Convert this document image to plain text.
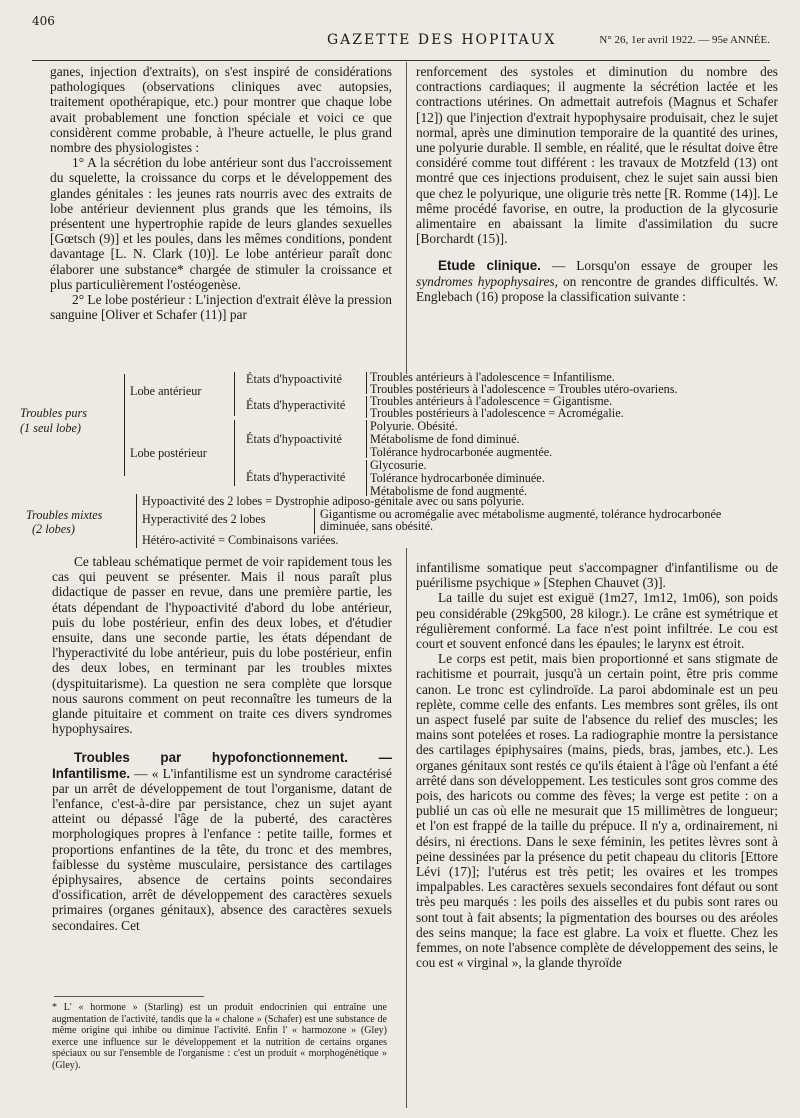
406
GAZETTE DES HOPITAUX	N° 26, 1er avril 1922. — 95e ANNÉE.

ganes, injection d'extraits), on s'est inspiré de considérations pathologiques (observations cliniques avec autopsies, traitement opothérapique, etc.) pour montrer que chaque lobe avait probablement une fonction spéciale et voici ce que considèrent comme probable, à l'heure actuelle, le plus grand nombre des physiologistes :

1° A la sécrétion du lobe antérieur sont dus l'accroissement du squelette, la croissance du corps et le développement des glandes génitales : les jeunes rats nourris avec des extraits de lobe antérieur deviennent plus grands que les témoins, ils présentent une hypertrophie rapide de leurs glandes sexuelles [Gœtsch (9)] et les poules, dans les mêmes conditions, pondent davantage [L. N. Clark (10)]. Le lobe antérieur paraît donc élaborer une substance* chargée de stimuler la croissance et plus particulièrement l'ostéogenèse.

2° Le lobe postérieur : L'injection d'extrait élève la pression sanguine [Oliver et Schafer (11)] par

renforcement des systoles et diminution du nombre des contractions cardiaques; il augmente la sécrétion lactée et les contractions utérines. On admettait autrefois (Magnus et Schafer [12]) que l'injection d'extrait hypophysaire produisait, chez le sujet normal, après une diminution temporaire de la quantité des urines, une polyurie durable. Il semble, en réalité, que le résultat doive être considéré comme tout différent : les travaux de Motzfeld (13) ont montré que ces injections produisent, chez le sujet sain aussi bien que chez le polyurique, une oligurie très nette [R. Romme (14)]. Le même procédé favorise, en outre, la production de la glycosurie alimentaire en abaissant la limite d'assimilation du sucre [Borchardt (15)].

Etude clinique. — Lorsqu'on essaye de grouper les syndromes hypophysaires, on rencontre de grandes difficultés. W. Englebach (16) propose la classification suivante :

Troubles purs
(1 seul lobe)
Lobe antérieur
Lobe postérieur
États d'hypoactivité
États d'hyperactivité
États d'hypoactivité
États d'hyperactivité
Troubles antérieurs à l'adolescence = Infantilisme.
Troubles postérieurs à l'adolescence = Troubles utéro-ovariens.
Troubles antérieurs à l'adolescence = Gigantisme.
Troubles postérieurs à l'adolescence = Acromégalie.
Polyurie. Obésité.
Métabolisme de fond diminué.
Tolérance hydrocarbonée augmentée.
Glycosurie.
Tolérance hydrocarbonée diminuée.
Métabolisme de fond augmenté.
Troubles mixtes
(2 lobes)
Hypoactivité des 2 lobes = Dystrophie adiposo-génitale avec ou sans polyurie.
Hyperactivité des 2 lobes	Gigantisme ou acromégalie avec métabolisme augmenté, tolérance hydrocarbonée diminuée, sans obésité.
Hétéro-activité = Combinaisons variées.

Ce tableau schématique permet de voir rapidement tous les cas qui peuvent se présenter. Mais il nous paraît plus didactique de passer en revue, dans une première partie, les états dépendant de l'hypoactivité d'abord du lobe antérieur, puis du lobe postérieur, enfin des deux lobes, et d'étudier ensuite, dans une seconde partie, les états dépendant de l'hyperactivité du lobe antérieur, puis du lobe postérieur, enfin des deux lobes, en terminant par les troubles mixtes (dyspituitarisme). La question ne sera complète que lorsque nous saurons comment on peut reconnaître les tumeurs de la glande pituitaire et comment on traite ces divers syndromes hypophysaires.

Troubles par hypofonctionnement. — Infantilisme. — « L'infantilisme est un syndrome caractérisé par un arrêt de développement de tout l'organisme, datant de l'enfance, c'est-à-dire par persistance, chez un sujet ayant atteint ou dépassé l'âge de la puberté, des caractères morphologiques propres à l'enfance : petite taille, formes et proportions enfantines de la tête, du tronc et des membres, faiblesse du système musculaire, persistance des cartilages épiphysaires, absence de certains points secondaires d'ossification, arrêt de développement des caractères sexuels primaires (organes génitaux), absence des caractères sexuels secondaires. Cet

* L' « hormone » (Starling) est un produit endocrinien qui entraîne une augmentation de l'activité, tandis que la « chalone » (Schafer) est une substance de même origine qui inhibe ou diminue l'activité. Enfin l' « harmozone » (Gley) exerce une influence sur le développement et la nutrition de certains organes spéciaux ou sur l'ensemble de l'organisme : c'est un produit « morphogénétique » (Gley).

infantilisme somatique peut s'accompagner d'infantilisme ou de puérilisme psychique » [Stephen Chauvet (3)].

La taille du sujet est exiguë (1m27, 1m12, 1m06), son poids peu considérable (29kg500, 28 kilogr.). Le crâne est symétrique et régulièrement conformé. La face n'est point infiltrée. Le cou est court et souvent enfoncé dans les épaules; le larynx est étroit.

Le corps est petit, mais bien proportionné et sans stigmate de rachitisme et pourrait, jusqu'à un certain point, être pris comme canon. Le tronc est cylindroïde. La paroi abdominale est un peu replète, comme celle des enfants. Les membres sont grêles, ils ont un aspect fuselé par suite de l'absence du relief des muscles; les mains sont potelées et roses. La radiographie montre la persistance des cartilages épiphysaires (mains, pieds, bras, jambes, etc.). Les organes génitaux sont restés ce qu'ils étaient à l'âge où l'enfant a été arrêté dans son développement. Les testicules sont gros comme des pois, des haricots ou comme des fèves; la verge est petite : on a publié un cas où elle ne mesurait que 15 millimètres de longueur; et l'on est frappé de la taille du prépuce. Il n'y a, ordinairement, ni désirs, ni érections. Dans le sexe féminin, les petites lèvres sont à peine dessinées par la présence du petit chapeau du clitoris [Ettore Lévi (17)]; l'utérus est très petit; les ovaires et les trompes impalpables. Les caractères sexuels secondaires font défaut ou sont très peu marqués : les poils des aisselles et du pubis sont rares ou sont tout à fait absents; la pigmentation des bourses ou des aréoles des seins manque; la face est glabre. La voix et fluette. Chez les femmes, on note l'absence complète de développement des seins, le cou est « virginal », la glande thyroïde
